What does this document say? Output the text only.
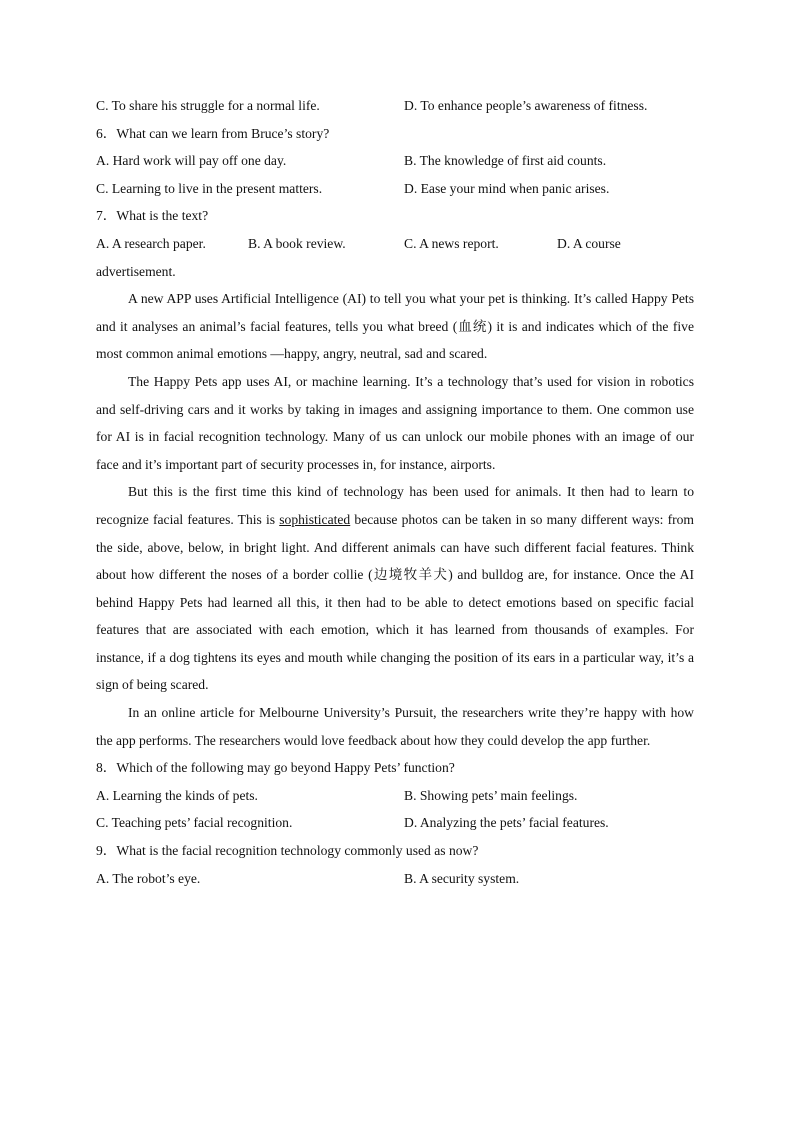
C. To share his struggle for a normal life.	D. To enhance people’s awareness of fitness.
6．What can we learn from Bruce’s story?
A. Hard work will pay off one day.	B. The knowledge of first aid counts.
C. Learning to live in the present matters.	D. Ease your mind when panic arises.
7．What is the text?
A. A research paper.	B. A book review.	C. A news report.	D. A course
advertisement.

A new APP uses Artificial Intelligence (AI) to tell you what your pet is thinking. It’s called Happy Pets and it analyses an animal’s facial features, tells you what breed (血统) it is and indicates which of the five most common animal emotions —happy, angry, neutral, sad and scared.

The Happy Pets app uses AI, or machine learning. It’s a technology that’s used for vision in robotics and self-driving cars and it works by taking in images and assigning importance to them. One common use for AI is in facial recognition technology. Many of us can unlock our mobile phones with an image of our face and it’s important part of security processes in, for instance, airports.

But this is the first time this kind of technology has been used for animals. It then had to learn to recognize facial features. This is sophisticated because photos can be taken in so many different ways: from the side, above, below, in bright light. And different animals can have such different facial features. Think about how different the noses of a border collie (边境牧羊犬) and bulldog are, for instance. Once the AI behind Happy Pets had learned all this, it then had to be able to detect emotions based on specific facial features that are associated with each emotion, which it has learned from thousands of examples. For instance, if a dog tightens its eyes and mouth while changing the position of its ears in a particular way, it’s a sign of being scared.

In an online article for Melbourne University’s Pursuit, the researchers write they’re happy with how the app performs. The researchers would love feedback about how they could develop the app further.

8．Which of the following may go beyond Happy Pets’ function?
A. Learning the kinds of pets.	B. Showing pets’ main feelings.
C. Teaching pets’ facial recognition.	D. Analyzing the pets’ facial features.
9．What is the facial recognition technology commonly used as now?
A. The robot’s eye.	B. A security system.
